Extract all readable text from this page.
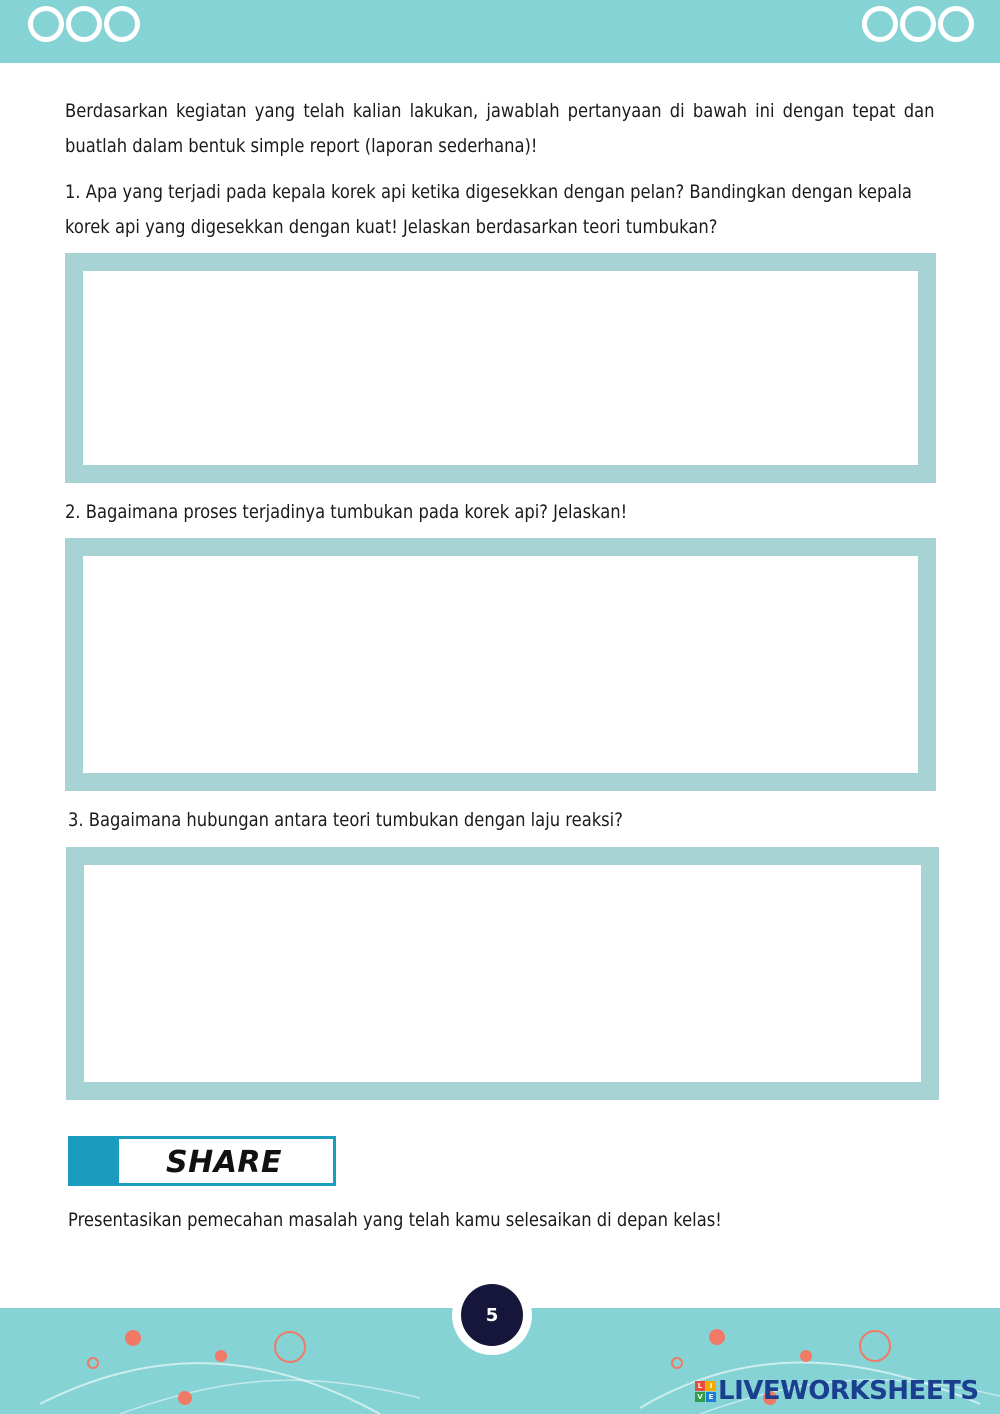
Berdasarkan kegiatan yang telah kalian lakukan, jawablah pertanyaan di bawah ini dengan tepat dan buatlah dalam bentuk simple report (laporan sederhana)!
1. Apa yang terjadi pada kepala korek api ketika digesekkan dengan pelan? Bandingkan dengan kepala korek api yang digesekkan dengan kuat! Jelaskan berdasarkan teori tumbukan?
2. Bagaimana proses terjadinya tumbukan pada korek api? Jelaskan!
3. Bagaimana hubungan antara teori tumbukan dengan laju reaksi?
SHARE
Presentasikan pemecahan masalah yang telah kamu selesaikan di depan kelas!
5
L	I
V E LIVEWORKSHEETS
